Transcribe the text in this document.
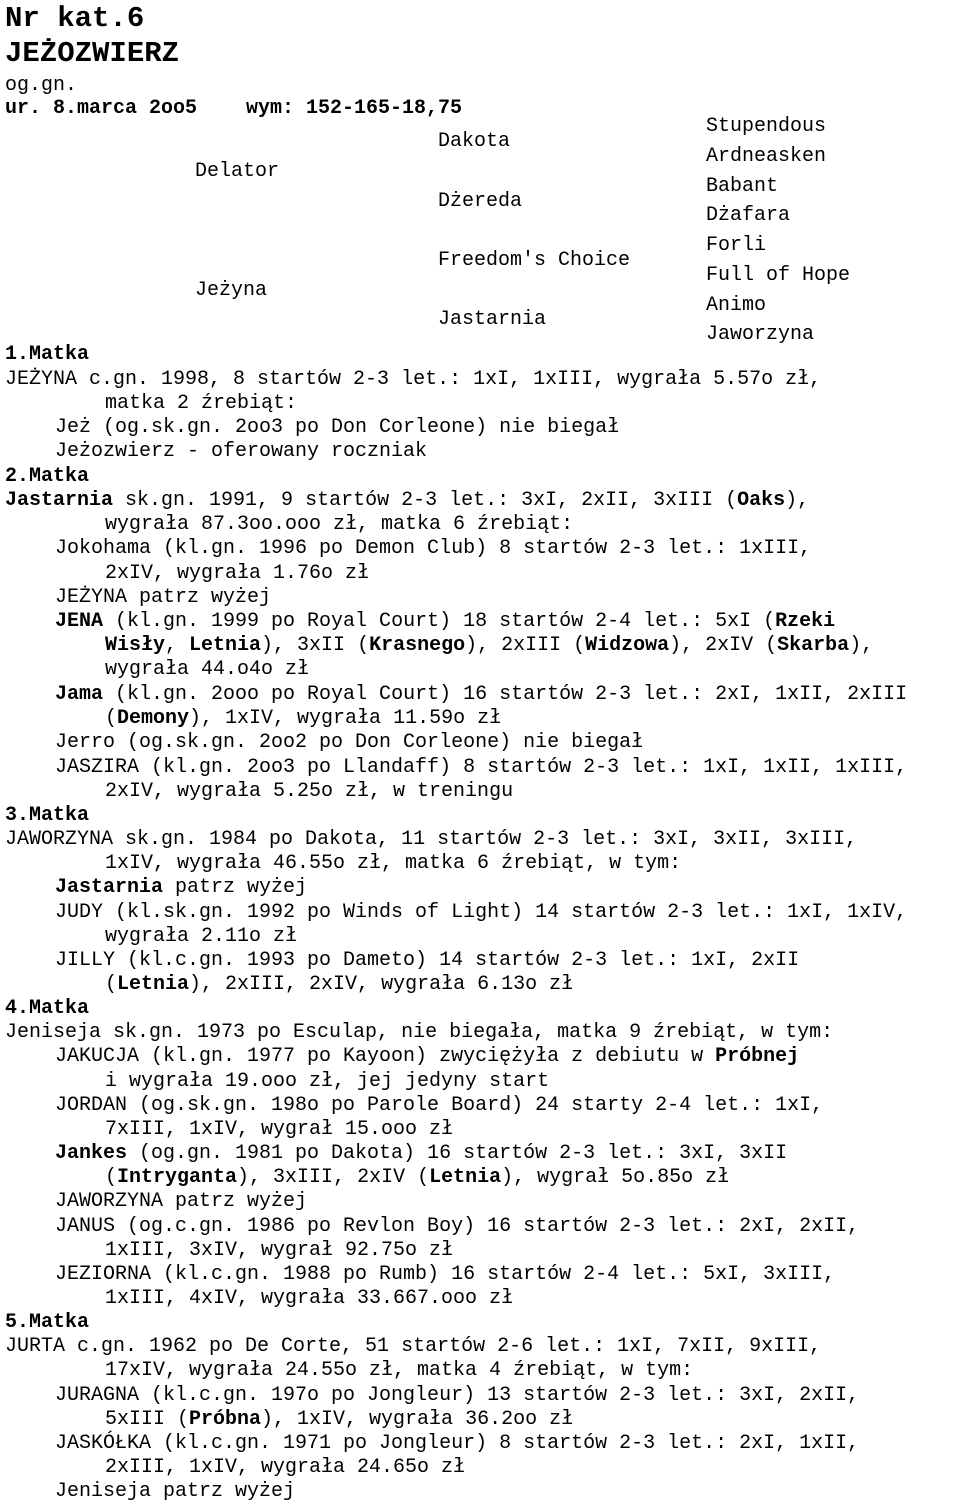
Nr kat.6
JEŻOZWIERZ
og.gn.
ur. 8.marca 2oo5 wym: 152-165-18,75
Delator
Jeżyna
Dakota
Dżereda
Freedom's Choice
Jastarnia
Stupendous
Ardneasken
Babant
Dżafara
Forli
Full of Hope
Animo
Jaworzyna
1.Matka
JEŻYNA c.gn. 1998, 8 startów 2-3 let.: 1xI, 1xIII, wygrała 5.57o zł,
matka 2 źrebiąt:
Jeż (og.sk.gn. 2oo3 po Don Corleone) nie biegał
Jeżozwierz - oferowany roczniak
2.Matka
Jastarnia sk.gn. 1991, 9 startów 2-3 let.: 3xI, 2xII, 3xIII (Oaks),
wygrała 87.3oo.ooo zł, matka 6 źrebiąt:
Jokohama (kl.gn. 1996 po Demon Club) 8 startów 2-3 let.: 1xIII,
2xIV, wygrała 1.76o zł
JEŻYNA patrz wyżej
JENA (kl.gn. 1999 po Royal Court) 18 startów 2-4 let.: 5xI (Rzeki
Wisły, Letnia), 3xII (Krasnego), 2xIII (Widzowa), 2xIV (Skarba),
wygrała 44.o4o zł
Jama (kl.gn. 2ooo po Royal Court) 16 startów 2-3 let.: 2xI, 1xII, 2xIII
(Demony), 1xIV, wygrała 11.59o zł
Jerro (og.sk.gn. 2oo2 po Don Corleone) nie biegał
JASZIRA (kl.gn. 2oo3 po Llandaff) 8 startów 2-3 let.: 1xI, 1xII, 1xIII,
2xIV, wygrała 5.25o zł, w treningu
3.Matka
JAWORZYNA sk.gn. 1984 po Dakota, 11 startów 2-3 let.: 3xI, 3xII, 3xIII,
1xIV, wygrała 46.55o zł, matka 6 źrebiąt, w tym:
Jastarnia patrz wyżej
JUDY (kl.sk.gn. 1992 po Winds of Light) 14 startów 2-3 let.: 1xI, 1xIV,
wygrała 2.11o zł
JILLY (kl.c.gn. 1993 po Dameto) 14 startów 2-3 let.: 1xI, 2xII
(Letnia), 2xIII, 2xIV, wygrała 6.13o zł
4.Matka
Jeniseja sk.gn. 1973 po Esculap, nie biegała, matka 9 źrebiąt, w tym:
JAKUCJA (kl.gn. 1977 po Kayoon) zwyciężyła z debiutu w Próbnej
i wygrała 19.ooo zł, jej jedyny start
JORDAN (og.sk.gn. 198o po Parole Board) 24 starty 2-4 let.: 1xI,
7xIII, 1xIV, wygrał 15.ooo zł
Jankes (og.gn. 1981 po Dakota) 16 startów 2-3 let.: 3xI, 3xII
(Intryganta), 3xIII, 2xIV (Letnia), wygrał 5o.85o zł
JAWORZYNA patrz wyżej
JANUS (og.c.gn. 1986 po Revlon Boy) 16 startów 2-3 let.: 2xI, 2xII,
1xIII, 3xIV, wygrał 92.75o zł
JEZIORNA (kl.c.gn. 1988 po Rumb) 16 startów 2-4 let.: 5xI, 3xIII,
1xIII, 4xIV, wygrała 33.667.ooo zł
5.Matka
JURTA c.gn. 1962 po De Corte, 51 startów 2-6 let.: 1xI, 7xII, 9xIII,
17xIV, wygrała 24.55o zł, matka 4 źrebiąt, w tym:
JURAGNA (kl.c.gn. 197o po Jongleur) 13 startów 2-3 let.: 3xI, 2xII,
5xIII (Próbna), 1xIV, wygrała 36.2oo zł
JASKÓŁKA (kl.c.gn. 1971 po Jongleur) 8 startów 2-3 let.: 2xI, 1xII,
2xIII, 1xIV, wygrała 24.65o zł
Jeniseja patrz wyżej
